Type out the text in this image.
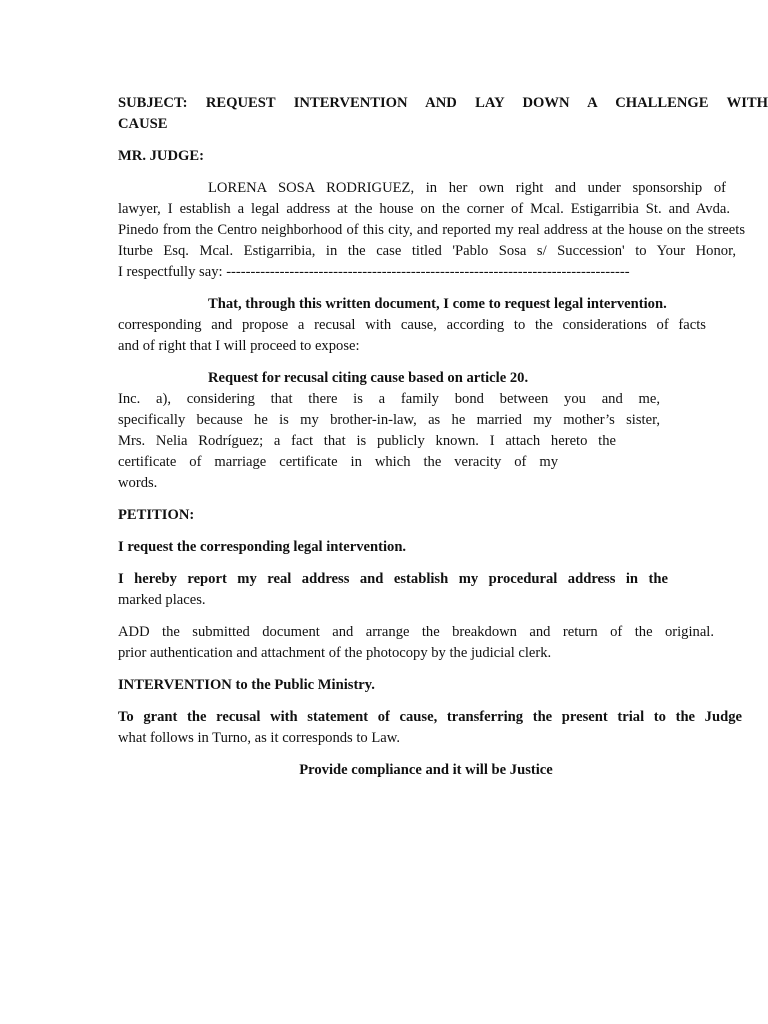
SUBJECT: REQUEST INTERVENTION AND LAY DOWN A CHALLENGE WITH
CAUSE
MR. JUDGE:
LORENA SOSA RODRIGUEZ, in her own right and under sponsorship of
lawyer, I establish a legal address at the house on the corner of Mcal. Estigarribia St. and Avda.
Pinedo from the Centro neighborhood of this city, and reported my real address at the house on the streets
Iturbe Esq. Mcal. Estigarribia, in the case titled 'Pablo Sosa s/ Succession' to Your Honor,
I respectfully say: -----------------------------------------------------------------------------------
That, through this written document, I come to request legal intervention.
corresponding and propose a recusal with cause, according to the considerations of facts
and of right that I will proceed to expose:
Request for recusal citing cause based on article 20.
Inc. a), considering that there is a family bond between you and me,
specifically because he is my brother-in-law, as he married my mother’s sister,
Mrs. Nelia Rodríguez; a fact that is publicly known. I attach hereto the
certificate of marriage certificate in which the veracity of my
words.
PETITION:
I request the corresponding legal intervention.
I hereby report my real address and establish my procedural address in the
marked places.
ADD the submitted document and arrange the breakdown and return of the original.
prior authentication and attachment of the photocopy by the judicial clerk.
INTERVENTION to the Public Ministry.
To grant the recusal with statement of cause, transferring the present trial to the Judge
what follows in Turno, as it corresponds to Law.
Provide compliance and it will be Justice
